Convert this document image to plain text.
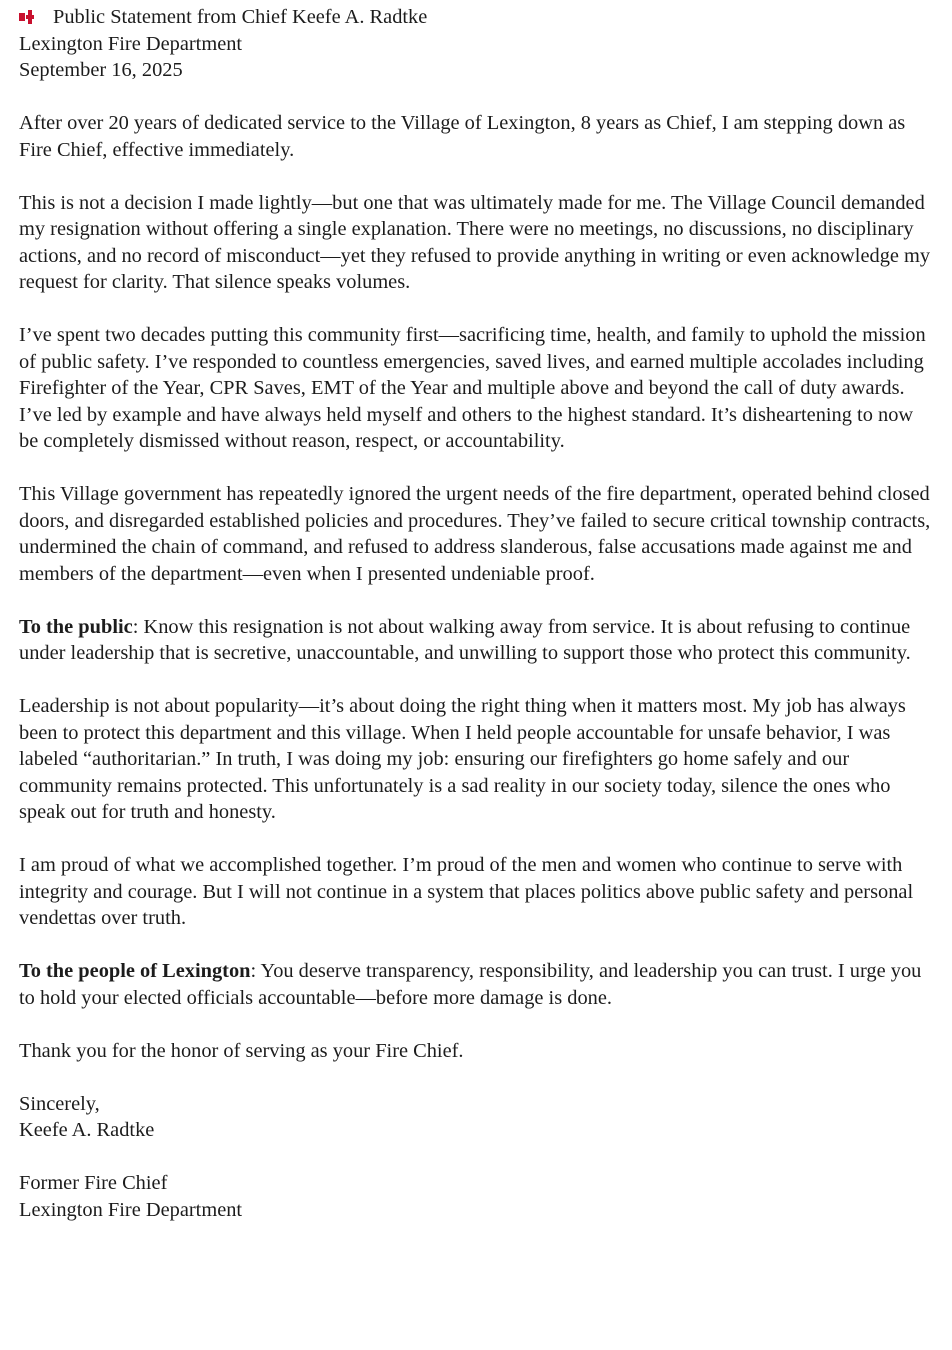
Public Statement from Chief Keefe A. Radtke
Lexington Fire Department
September 16, 2025

After over 20 years of dedicated service to the Village of Lexington, 8 years as Chief, I am stepping down as Fire Chief, effective immediately.

This is not a decision I made lightly—but one that was ultimately made for me. The Village Council demanded my resignation without offering a single explanation. There were no meetings, no discussions, no disciplinary actions, and no record of misconduct—yet they refused to provide anything in writing or even acknowledge my request for clarity. That silence speaks volumes.

I’ve spent two decades putting this community first—sacrificing time, health, and family to uphold the mission of public safety. I’ve responded to countless emergencies, saved lives, and earned multiple accolades including Firefighter of the Year, CPR Saves, EMT of the Year and multiple above and beyond the call of duty awards. I’ve led by example and have always held myself and others to the highest standard. It’s disheartening to now be completely dismissed without reason, respect, or accountability.

This Village government has repeatedly ignored the urgent needs of the fire department, operated behind closed doors, and disregarded established policies and procedures. They’ve failed to secure critical township contracts, undermined the chain of command, and refused to address slanderous, false accusations made against me and members of the department—even when I presented undeniable proof.

To the public: Know this resignation is not about walking away from service. It is about refusing to continue under leadership that is secretive, unaccountable, and unwilling to support those who protect this community.

Leadership is not about popularity—it’s about doing the right thing when it matters most. My job has always been to protect this department and this village. When I held people accountable for unsafe behavior, I was labeled “authoritarian.” In truth, I was doing my job: ensuring our firefighters go home safely and our community remains protected. This unfortunately is a sad reality in our society today, silence the ones who speak out for truth and honesty.

I am proud of what we accomplished together. I’m proud of the men and women who continue to serve with integrity and courage. But I will not continue in a system that places politics above public safety and personal vendettas over truth.

To the people of Lexington: You deserve transparency, responsibility, and leadership you can trust. I urge you to hold your elected officials accountable—before more damage is done.

Thank you for the honor of serving as your Fire Chief.

Sincerely,
Keefe A. Radtke
Former Fire Chief
Lexington Fire Department
